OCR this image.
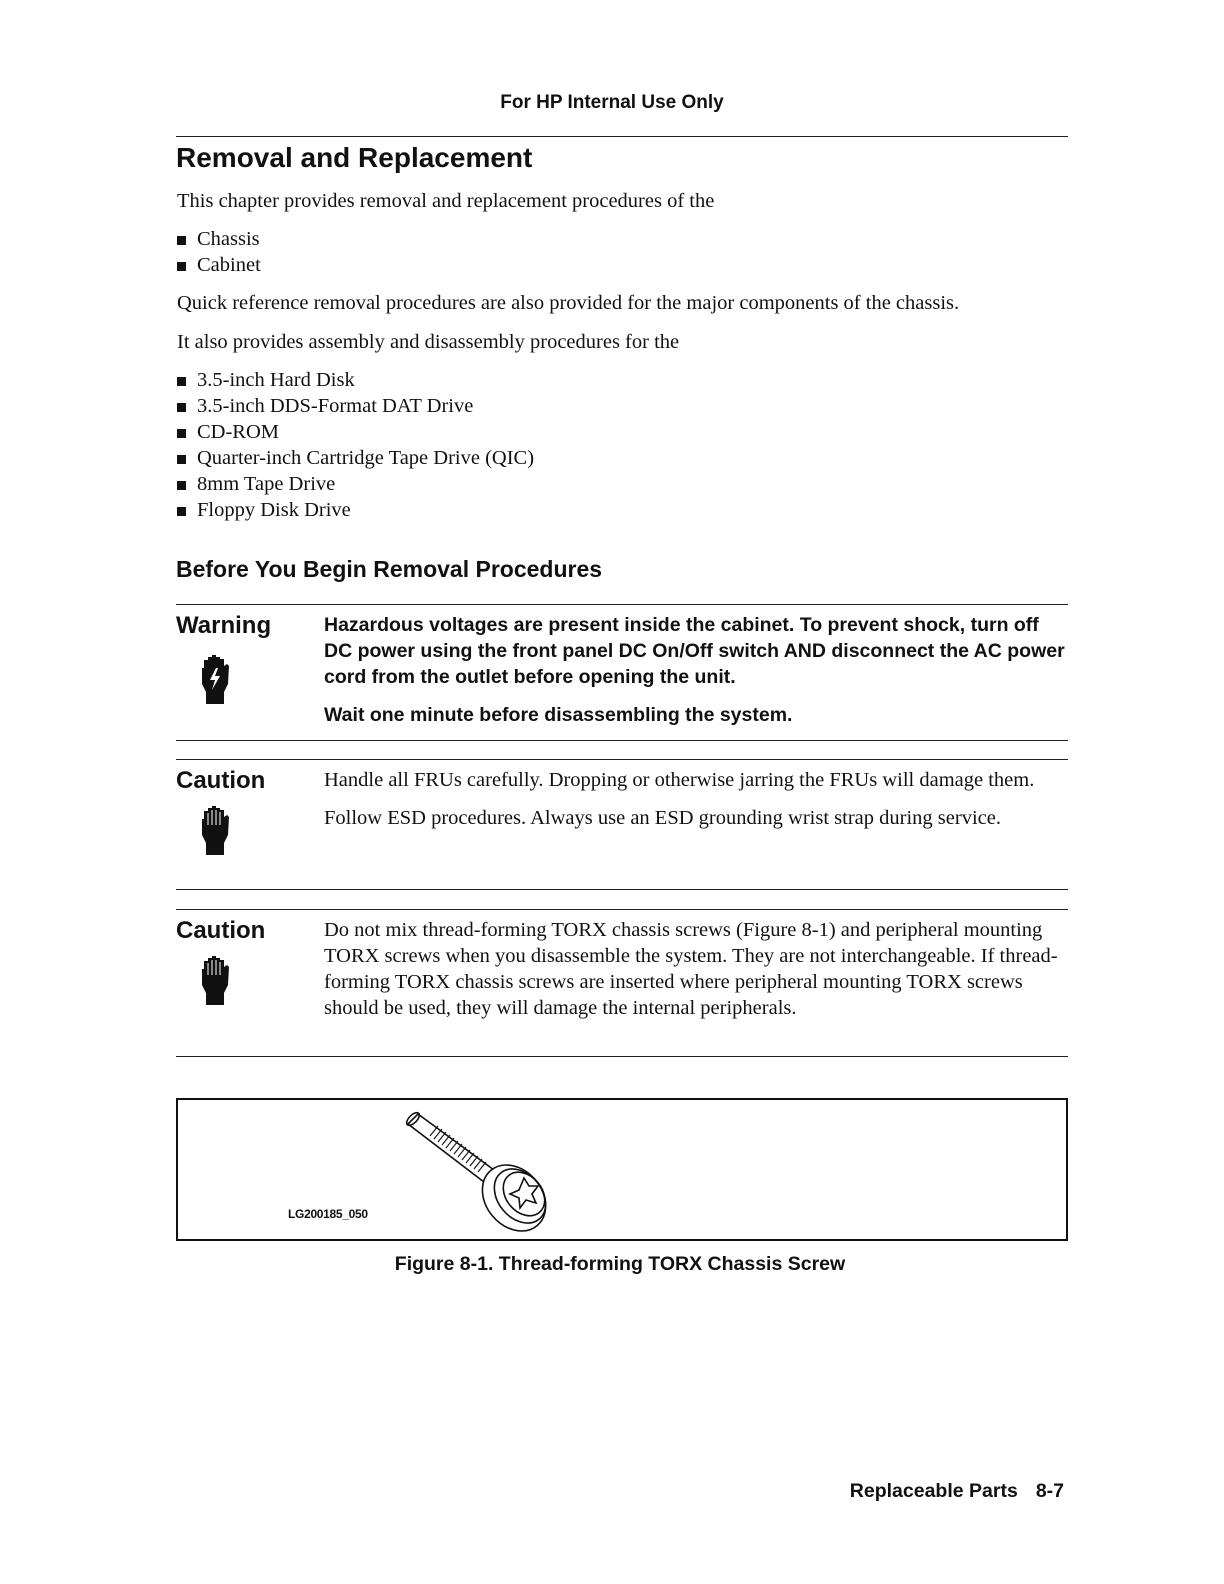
For HP Internal Use Only
Removal and Replacement
This chapter provides removal and replacement procedures of the
Chassis
Cabinet
Quick reference removal procedures are also provided for the major components of the chassis.
It also provides assembly and disassembly procedures for the
3.5-inch Hard Disk
3.5-inch DDS-Format DAT Drive
CD-ROM
Quarter-inch Cartridge Tape Drive (QIC)
8mm Tape Drive
Floppy Disk Drive
Before You Begin Removal Procedures
Warning	Hazardous voltages are present inside the cabinet. To prevent shock, turn off DC power using the front panel DC On/Off switch AND disconnect the AC power cord from the outlet before opening the unit.

Wait one minute before disassembling the system.

Caution	Handle all FRUs carefully. Dropping or otherwise jarring the FRUs will damage them.

Follow ESD procedures. Always use an ESD grounding wrist strap during service.

Caution	Do not mix thread-forming TORX chassis screws (Figure 8-1) and peripheral mounting TORX screws when you disassemble the system. They are not interchangeable. If thread-forming TORX chassis screws are inserted where peripheral mounting TORX screws should be used, they will damage the internal peripherals.

LG200185_050
Figure 8-1. Thread-forming TORX Chassis Screw
Replaceable Parts 8-7
